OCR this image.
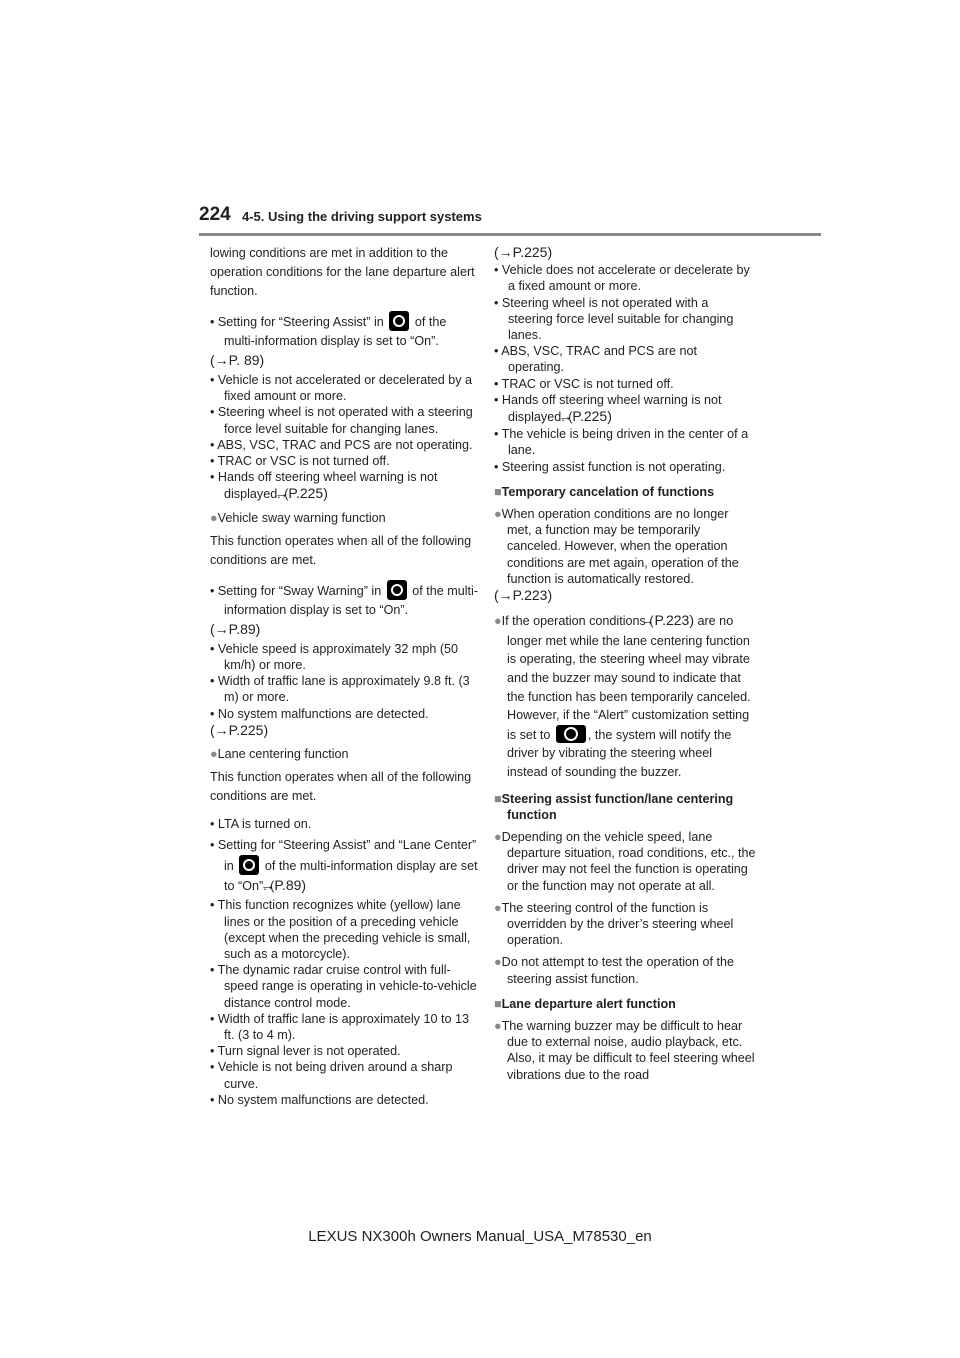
224 4-5. Using the driving support systems

lowing conditions are met in addition to the operation conditions for the lane departure alert function.

• Setting for “Steering Assist” in of the multi-information display is set to “On”.
(→P. 89)

• Vehicle is not accelerated or decelerated by a fixed amount or more.

• Steering wheel is not operated with a steering force level suitable for changing lanes.

• ABS, VSC, TRAC and PCS are not operating.

• TRAC or VSC is not turned off.

• Hands off steering wheel warning is not displayed. (→P.225)

●Vehicle sway warning function

This function operates when all of the following conditions are met.

• Setting for “Sway Warning” in of the multi-information display is set to “On”.
(→P.89)

• Vehicle speed is approximately 32 mph (50 km/h) or more.

• Width of traffic lane is approximately 9.8 ft. (3 m) or more.

• No system malfunctions are detected.
(→P.225)

●Lane centering function

This function operates when all of the following conditions are met.

• LTA is turned on.

• Setting for “Steering Assist” and “Lane Center” in of the multi-information display are set to “On”. (→P.89)

• This function recognizes white (yellow) lane lines or the position of a preceding vehicle (except when the preceding vehicle is small, such as a motorcycle).

• The dynamic radar cruise control with full-speed range is operating in vehicle-to-vehicle distance control mode.

• Width of traffic lane is approximately 10 to 13 ft. (3 to 4 m).

• Turn signal lever is not operated.

• Vehicle is not being driven around a sharp curve.

• No system malfunctions are detected.

(→P.225)

• Vehicle does not accelerate or decelerate by a fixed amount or more.

• Steering wheel is not operated with a steering force level suitable for changing lanes.

• ABS, VSC, TRAC and PCS are not operating.

• TRAC or VSC is not turned off.

• Hands off steering wheel warning is not displayed. (→P.225)

• The vehicle is being driven in the center of a lane.

• Steering assist function is not operating.

■Temporary cancelation of functions

●When operation conditions are no longer met, a function may be temporarily canceled. However, when the operation conditions are met again, operation of the function is automatically restored.
(→P.223)

●If the operation conditions (→P.223) are no longer met while the lane centering function is operating, the steering wheel may vibrate and the buzzer may sound to indicate that the function has been temporarily canceled. However, if the “Alert” customization setting is set to	, the system will notify the driver by vibrating the steering wheel instead of sounding the buzzer.

■Steering assist function/lane centering function

●Depending on the vehicle speed, lane departure situation, road conditions, etc., the driver may not feel the function is operating or the function may not operate at all.

●The steering control of the function is overridden by the driver’s steering wheel operation.

●Do not attempt to test the operation of the steering assist function.

■Lane departure alert function

●The warning buzzer may be difficult to hear due to external noise, audio playback, etc. Also, it may be difficult to feel steering wheel vibrations due to the road

LEXUS NX300h Owners Manual_USA_M78530_en
